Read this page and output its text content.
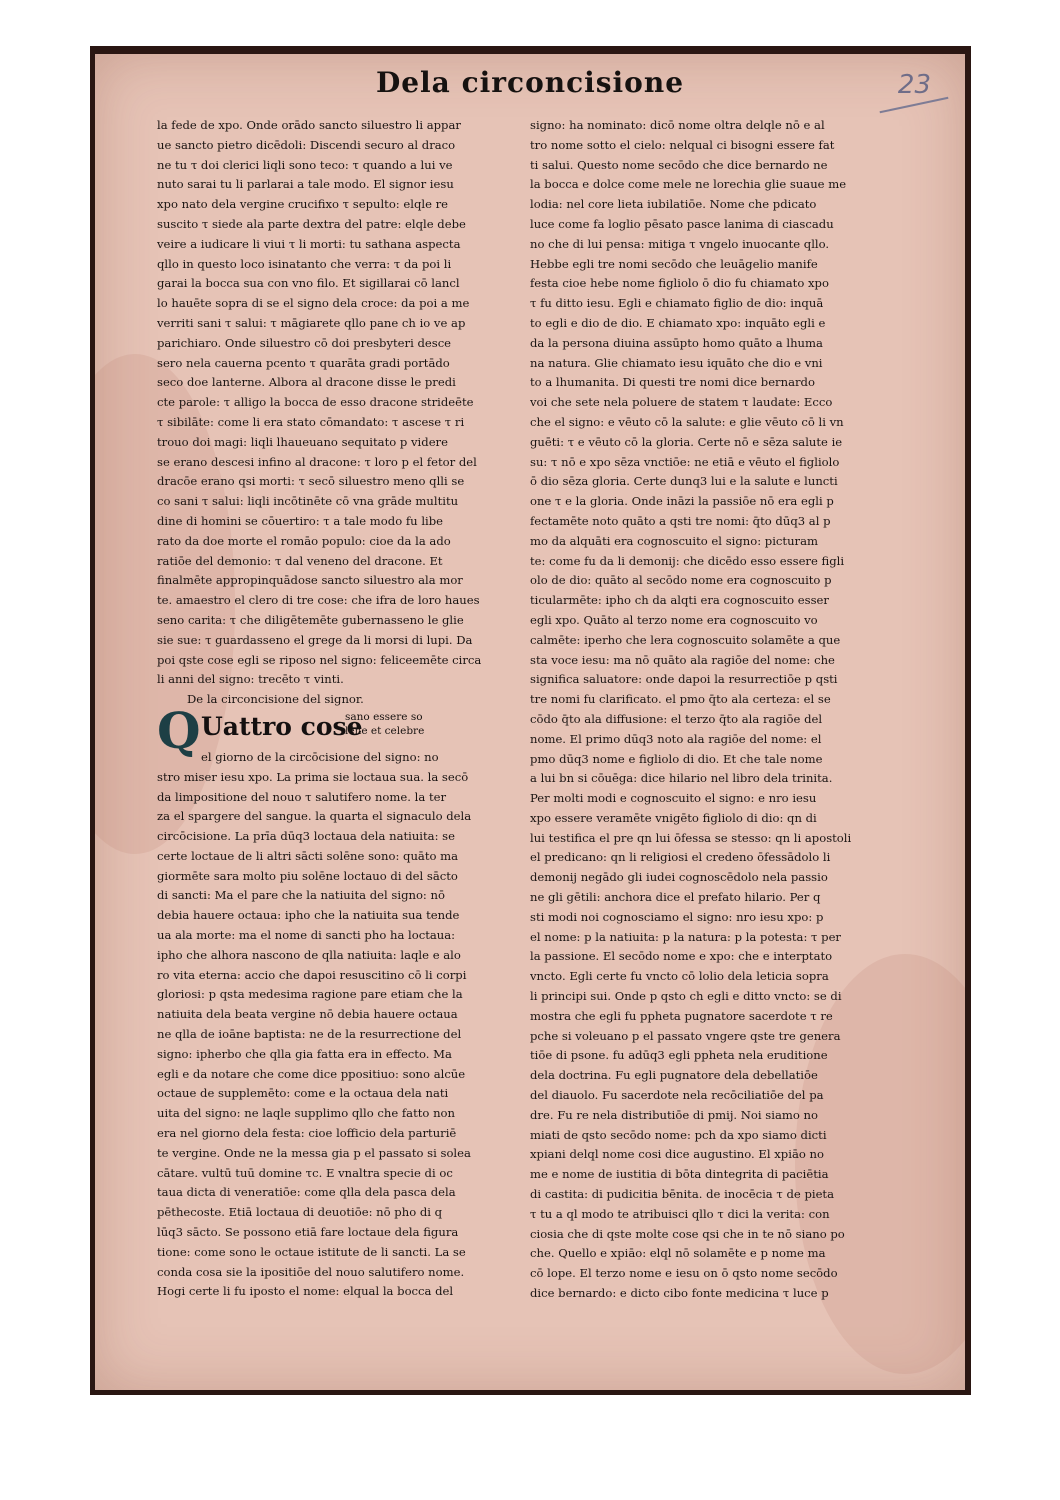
Dela circoncisione	23
la fede de xpo. Onde orādo sancto siluestro li appar
ue sancto pietro dicēdoli: Discendi securo al draco
ne tu τ doi clerici liqli sono teco: τ quando a lui ve
nuto sarai tu li parlarai a tale modo. El signor iesu
xpo nato dela vergine crucifixo τ sepulto: elqle re
suscito τ siede ala parte dextra del patre: elqle debe
veire a iudicare li viui τ li morti: tu sathana aspecta
qllo in questo loco isinatanto che verra: τ da poi li
garai la bocca sua con vno filo. Et sigillarai cō lancl
lo hauēte sopra di se el signo dela croce: da poi a me
verriti sani τ salui: τ māgiarete qllo pane ch io ve ap
parichiaro. Onde siluestro cō doi presbyteri desce
sero nela cauerna pcento τ quarāta gradi portādo
seco doe lanterne. Albora al dracone disse le predi
cte parole: τ alligo la bocca de esso dracone strideēte
τ sibilāte: come li era stato cōmandato: τ ascese τ ri
trouo doi magi: liqli lhaueuano sequitato p videre
se erano descesi infino al dracone: τ loro p el fetor del
dracōe erano qsi morti: τ secō siluestro meno qlli se
co sani τ salui: liqli incōtinēte cō vna grāde multitu
dine di homini se cōuertiro: τ a tale modo fu libe
rato da doe morte el romāo populo: cioe da la ado
ratiōe del demonio: τ dal veneno del dracone. Et
finalmēte appropinquādose sancto siluestro ala mor
te. amaestro el clero di tre cose: che ifra de loro haues
seno carita: τ che diligētemēte gubernasseno le glie
sie sue: τ guardasseno el grege da li morsi di lupi. Da
poi qste cose egli se riposo nel signo: feliceemēte circa
li anni del signo: trecēto τ vinti.
De la circoncisione del signor.
Q Uattro cose
sano essere so
lēne et celebre
el giorno de la circōcisione del signo: no
stro miser iesu xpo. La prima sie loctaua sua. la secō
da limpositione del nouo τ salutifero nome. la ter
za el spargere del sangue. la quarta el signaculo dela
circōcisione. La prīa dūq3 loctaua dela natiuita: se
certe loctaue de li altri sācti solēne sono: quāto ma
giormēte sara molto piu solēne loctauo di del sācto
di sancti: Ma el pare che la natiuita del signo: nō
debia hauere octaua: ipho che la natiuita sua tende
ua ala morte: ma el nome di sancti pho ha loctaua:
ipho che alhora nascono de qlla natiuita: laqle e alo
ro vita eterna: accio che dapoi resuscitino cō li corpi
gloriosi: p qsta medesima ragione pare etiam che la
natiuita dela beata vergine nō debia hauere octaua
ne qlla de ioāne baptista: ne de la resurrectione del
signo: ipherbo che qlla gia fatta era in effecto. Ma
egli e da notare che come dice ppositiuo: sono alcūe
octaue de supplemēto: come e la octaua dela nati
uita del signo: ne laqle supplimo qllo che fatto non
era nel giorno dela festa: cioe lofficio dela parturiē
te vergine. Onde ne la messa gia p el passato si solea
cātare. vultū tuū domine τc. E vnaltra specie di oc
taua dicta di veneratiōe: come qlla dela pasca dela
pēthecoste. Etiā loctaua di deuotiōe: nō pho di q
lūq3 sācto. Se possono etiā fare loctaue dela figura
tione: come sono le octaue istitute de li sancti. La se
conda cosa sie la ipositiōe del nouo salutifero nome.
Hogi certe li fu iposto el nome: elqual la bocca del
signo: ha nominato: dicō nome oltra delqle nō e al
tro nome sotto el cielo: nelqual ci bisogni essere fat
ti salui. Questo nome secōdo che dice bernardo ne
la bocca e dolce come mele ne lorechia glie suaue me
lodia: nel core lieta iubilatiōe. Nome che pdicato
luce come fa loglio pēsato pasce lanima di ciascadu
no che di lui pensa: mitiga τ vngelo inuocante qllo.
Hebbe egli tre nomi secōdo che leuāgelio manife
festa cioe hebe nome figliolo ō dio fu chiamato xpo
τ fu ditto iesu. Egli e chiamato figlio de dio: inquā
to egli e dio de dio. E chiamato xpo: inquāto egli e
da la persona diuina assūpto homo quāto a lhuma
na natura. Glie chiamato iesu iquāto che dio e vni
to a lhumanita. Di questi tre nomi dice bernardo
voi che sete nela poluere de statem τ laudate: Ecco
che el signo: e vēuto cō la salute: e glie vēuto cō li vn
guēti: τ e vēuto cō la gloria. Certe nō e sēza salute ie
su: τ nō e xpo sēza vnctiōe: ne etiā e vēuto el figliolo
ō dio sēza gloria. Certe dunq3 lui e la salute e luncti
one τ e la gloria. Onde ināzi la passiōe nō era egli p
fectamēte noto quāto a qsti tre nomi: q̄to dūq3 al p
mo da alquāti era cognoscuito el signo: picturam
te: come fu da li demonij: che dicēdo esso essere figli
olo de dio: quāto al secōdo nome era cognoscuito p
ticularmēte: ipho ch da alqti era cognoscuito esser
egli xpo. Quāto al terzo nome era cognoscuito vo
calmēte: iperho che lera cognoscuito solamēte a que
sta voce iesu: ma nō quāto ala ragiōe del nome: che
significa saluatore: onde dapoi la resurrectiōe p qsti
tre nomi fu clarificato. el pmo q̄to ala certeza: el se
cōdo q̄to ala diffusione: el terzo q̄to ala ragiōe del
nome. El primo dūq3 noto ala ragiōe del nome: el
pmo dūq3 nome e figliolo di dio. Et che tale nome
a lui bn si cōuēga: dice hilario nel libro dela trinita.
Per molti modi e cognoscuito el signo: e nro iesu
xpo essere veramēte vnigēto figliolo di dio: qn di
lui testifica el pre qn lui ōfessa se stesso: qn li apostoli
el predicano: qn li religiosi el credeno ōfessādolo li
demonij negādo gli iudei cognoscēdolo nela passio
ne gli gētili: anchora dice el prefato hilario. Per q
sti modi noi cognosciamo el signo: nro iesu xpo: p
el nome: p la natiuita: p la natura: p la potesta: τ per
la passione. El secōdo nome e xpo: che e interptato
vncto. Egli certe fu vncto cō lolio dela leticia sopra
li principi sui. Onde p qsto ch egli e ditto vncto: se di
mostra che egli fu ppheta pugnatore sacerdote τ re
pche si voleuano p el passato vngere qste tre genera
tiōe di psone. fu adūq3 egli ppheta nela eruditione
dela doctrina. Fu egli pugnatore dela debellatiōe
del diauolo. Fu sacerdote nela recōciliatiōe del pa
dre. Fu re nela distributiōe di pmij. Noi siamo no
miati de qsto secōdo nome: pch da xpo siamo dicti
xpiani delql nome cosi dice augustino. El xpiāo no
me e nome de iustitia di bōta dintegrita di paciētia
di castita: di pudicitia bēnita. de inocēcia τ de pieta
τ tu a ql modo te atribuisci qllo τ dici la verita: con
ciosia che di qste molte cose qsi che in te nō siano po
che. Quello e xpiāo: elql nō solamēte e p nome ma
cō lope. El terzo nome e iesu on ō qsto nome secōdo
dice bernardo: e dicto cibo fonte medicina τ luce p
